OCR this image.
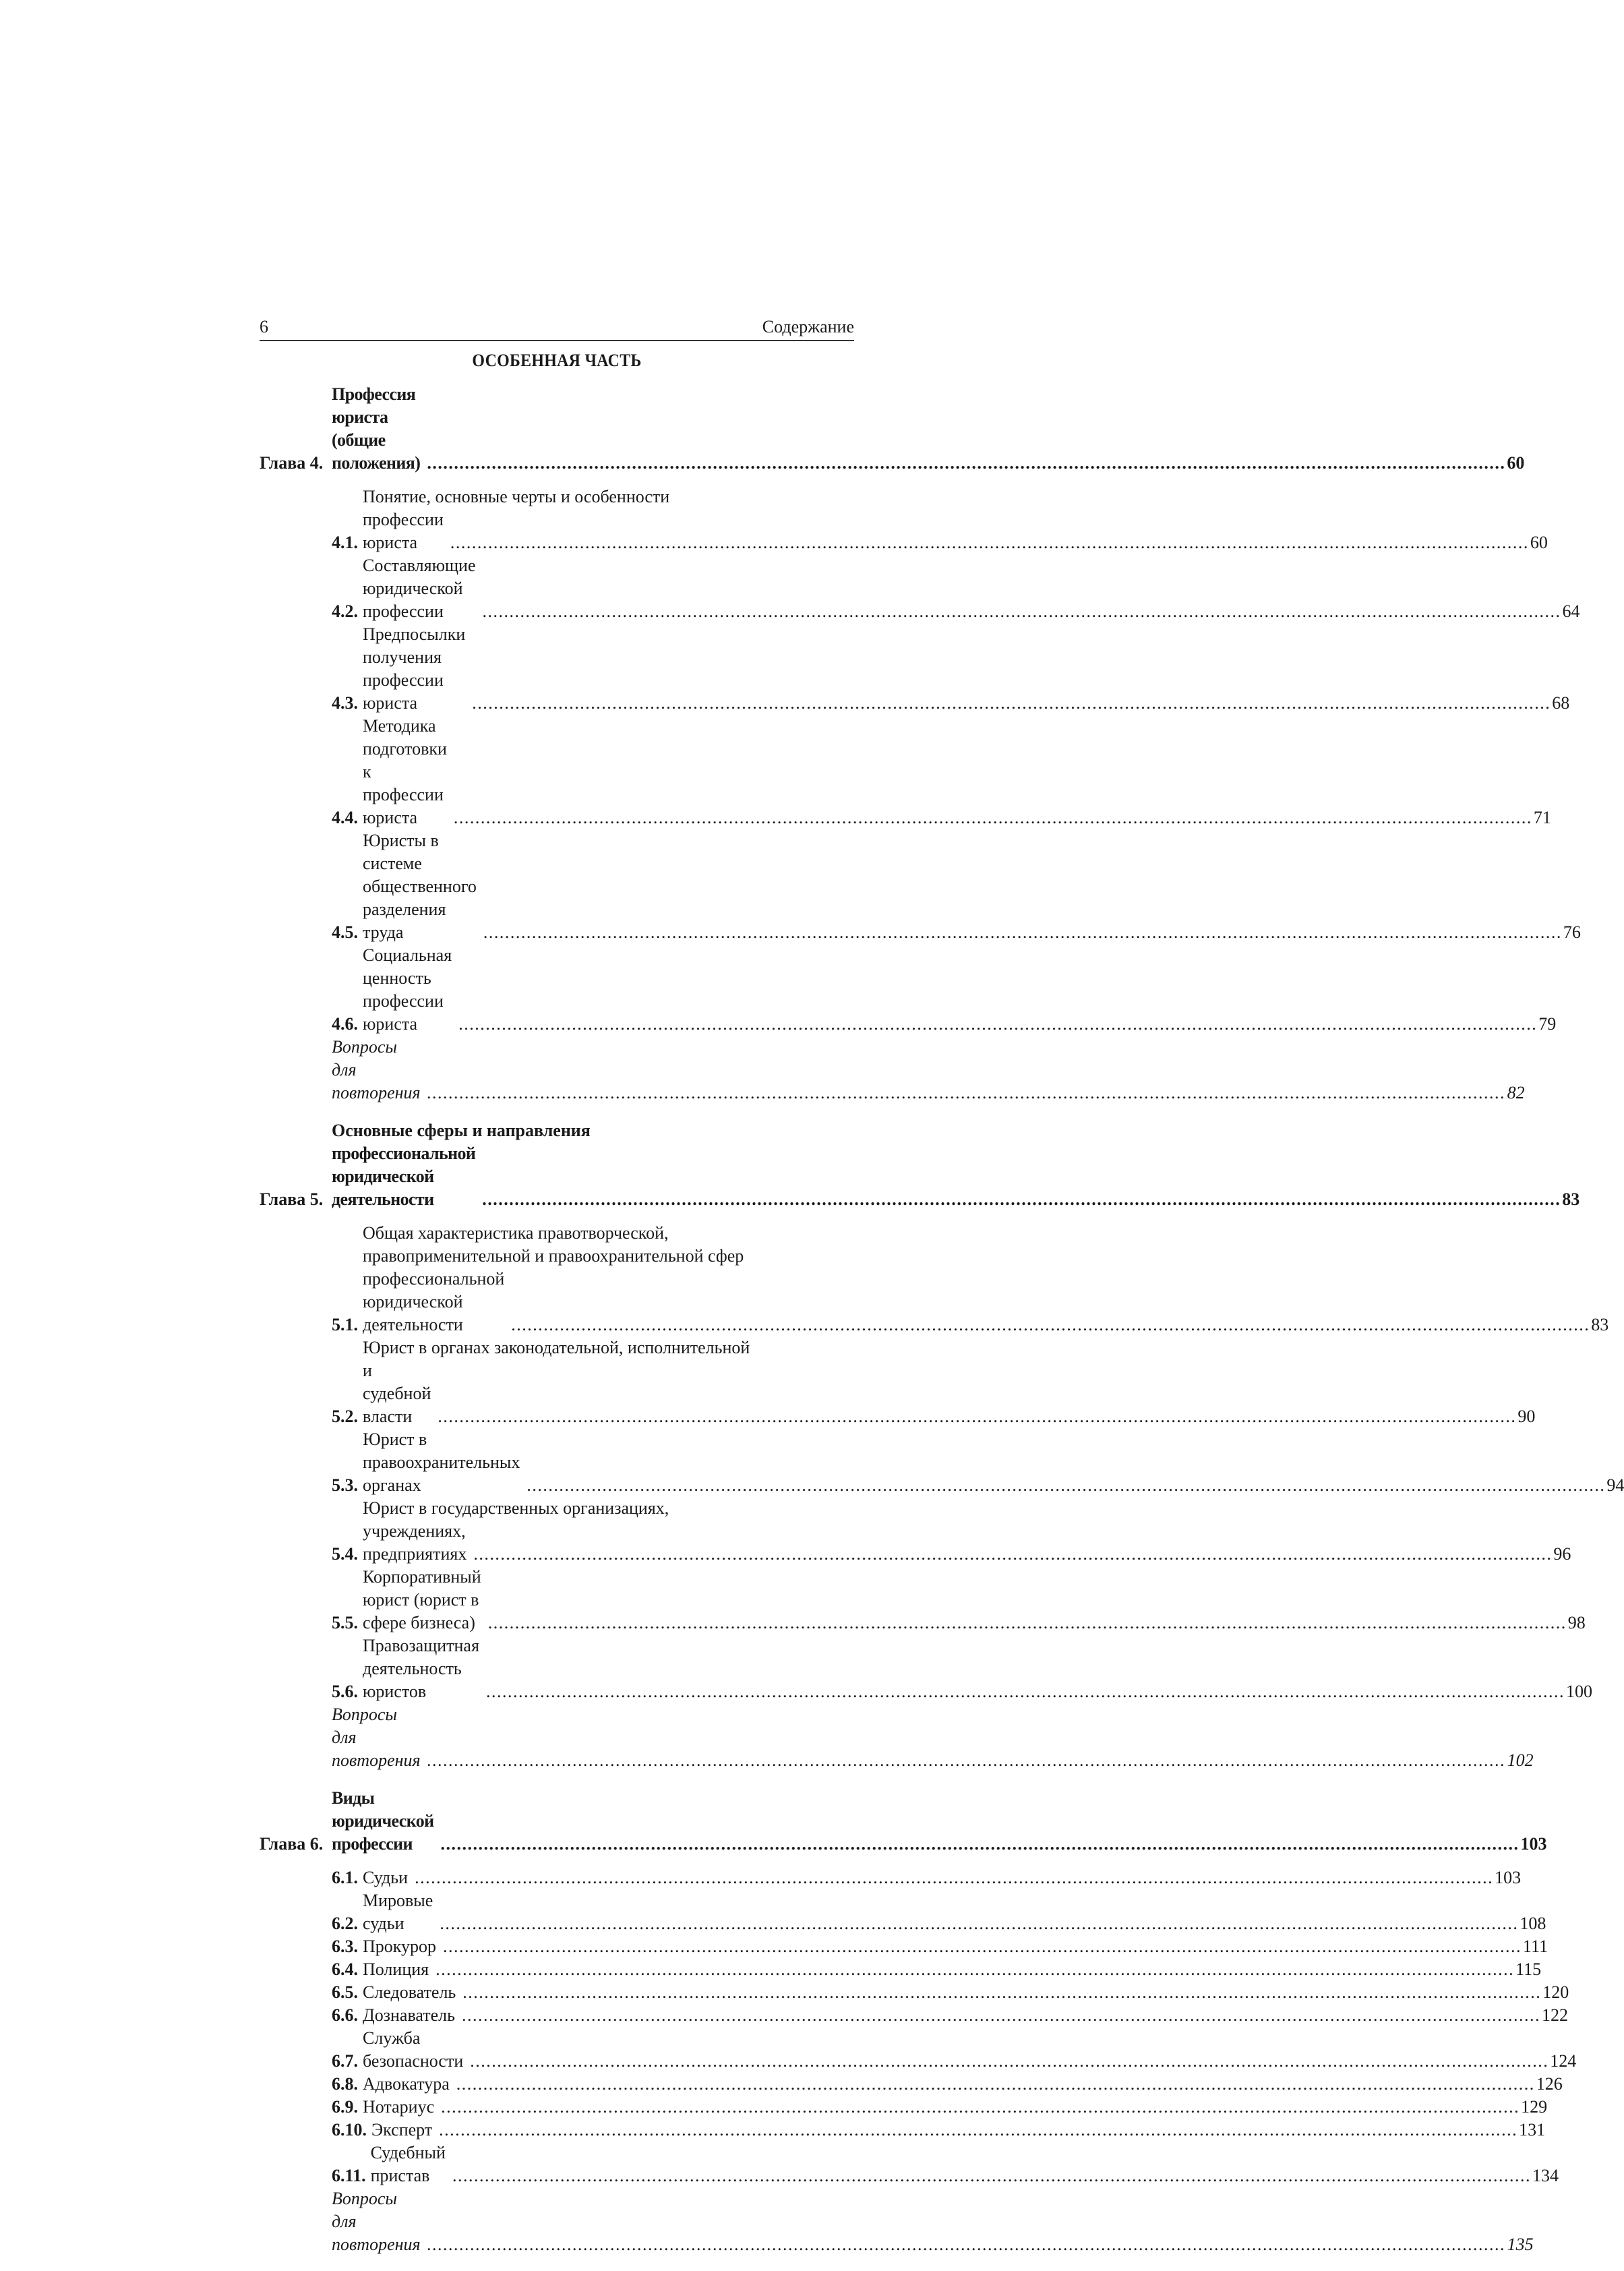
6	Содержание
ОСОБЕННАЯ ЧАСТЬ
Глава 4.
Профессия юриста (общие положения) .....	60
4.1.
Понятие, основные черты и особенности
профессии юриста .....	60
4.2.
Составляющие юридической профессии .....	64
4.3.
Предпосылки получения профессии юриста .....	68
4.4.
Методика подготовки к профессии юриста .....	71
4.5.
Юристы в системе общественного разделения труда .....	76
4.6.
Социальная ценность профессии юриста .....	79
Вопросы для повторения .....	82
Глава 5.
Основные сферы и направления
профессиональной юридической деятельности .....	83
5.1.
Общая характеристика правотворческой,
правоприменительной и правоохранительной сфер
профессиональной юридической деятельности .....	83
5.2.
Юрист в органах законодательной, исполнительной
и судебной власти .....	90
5.3.
Юрист в правоохранительных органах .....	94
5.4.
Юрист в государственных организациях,
учреждениях, предприятиях .....	96
5.5.
Корпоративный юрист (юрист в сфере бизнеса) .....	98
5.6.
Правозащитная деятельность юристов .....	100
Вопросы для повторения .....	102
Глава 6.
Виды юридической профессии .....	103
6.1. Судьи .....	103
6.2.
Мировые судьи .....	108
6.3. Прокурор .....	111
6.4. Полиция .....	115
6.5. Следователь .....	120
6.6. Дознаватель .....	122
6.7.
Служба безопасности .....	124
6.8. Адвокатура .....	126
6.9. Нотариус .....	129
6.10. Эксперт .....	131
6.11.
Судебный пристав .....	134
Вопросы для повторения .....	135
